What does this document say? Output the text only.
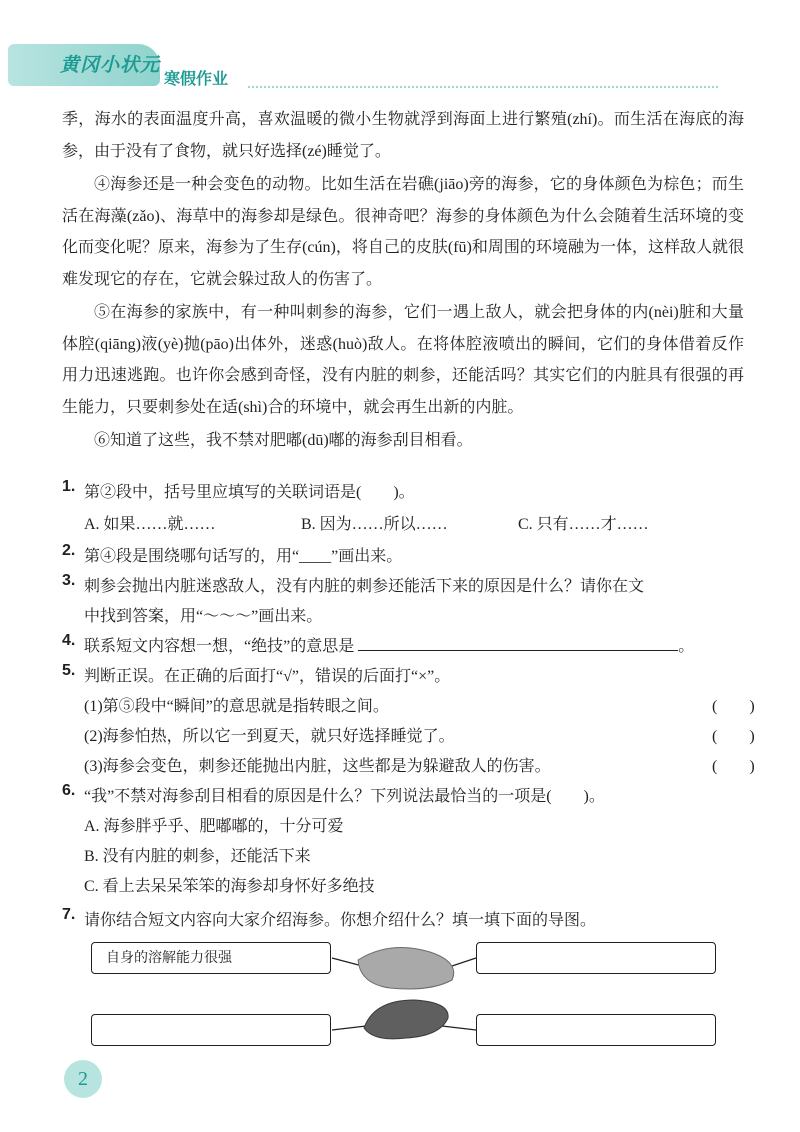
黄冈小状元
寒假作业

季，海水的表面温度升高，喜欢温暖的微小生物就浮到海面上进行繁殖(zhí)。而生活在海底的海参，由于没有了食物，就只好选择(zé)睡觉了。

④海参还是一种会变色的动物。比如生活在岩礁(jiāo)旁的海参，它的身体颜色为棕色；而生活在海藻(zǎo)、海草中的海参却是绿色。很神奇吧？海参的身体颜色为什么会随着生活环境的变化而变化呢？原来，海参为了生存(cún)，将自己的皮肤(fū)和周围的环境融为一体，这样敌人就很难发现它的存在，它就会躲过敌人的伤害了。

⑤在海参的家族中，有一种叫刺参的海参，它们一遇上敌人，就会把身体的内(nèi)脏和大量体腔(qiāng)液(yè)抛(pāo)出体外，迷惑(huò)敌人。在将体腔液喷出的瞬间，它们的身体借着反作用力迅速逃跑。也许你会感到奇怪，没有内脏的刺参，还能活吗？其实它们的内脏具有很强的再生能力，只要刺参处在适(shì)合的环境中，就会再生出新的内脏。

⑥知道了这些，我不禁对肥嘟(dū)嘟的海参刮目相看。

1. 第②段中，括号里应填写的关联词语是(　　)。
A. 如果……就……	B. 因为……所以……	C. 只有……才……
2. 第④段是围绕哪句话写的，用“____”画出来。
3. 刺参会抛出内脏迷惑敌人，没有内脏的刺参还能活下来的原因是什么？请你在文
中找到答案，用“～～～”画出来。
4. 联系短文内容想一想，“绝技”的意思是	。
5. 判断正误。在正确的后面打“√”，错误的后面打“×”。
(1)第⑤段中“瞬间”的意思就是指转眼之间。	(　　)
(2)海参怕热，所以它一到夏天，就只好选择睡觉了。	(　　)
(3)海参会变色，刺参还能抛出内脏，这些都是为躲避敌人的伤害。	(　　)
6. “我”不禁对海参刮目相看的原因是什么？下列说法最恰当的一项是(　　)。
A. 海参胖乎乎、肥嘟嘟的，十分可爱
B. 没有内脏的刺参，还能活下来
C. 看上去呆呆笨笨的海参却身怀好多绝技
7. 请你结合短文内容向大家介绍海参。你想介绍什么？填一填下面的导图。
自身的溶解能力很强
2
